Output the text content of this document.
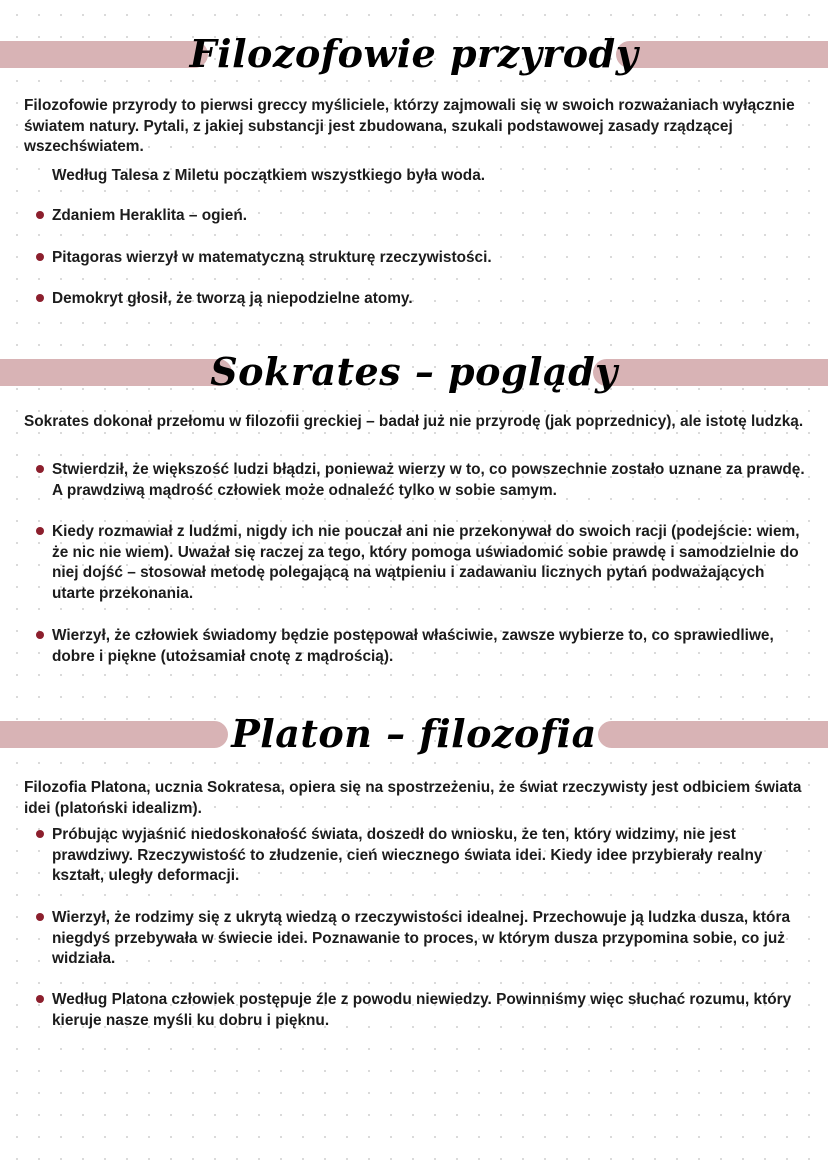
Filozofowie przyrody

Filozofowie przyrody to pierwsi greccy myśliciele, którzy zajmowali się w swoich rozważaniach wyłącznie światem natury. Pytali, z jakiej substancji jest zbudowana, szukali podstawowej zasady rządzącej wszechświatem.

Według Talesa z Miletu początkiem wszystkiego była woda.
Zdaniem Heraklita – ogień.
Pitagoras wierzył w matematyczną strukturę rzeczywistości.
Demokryt głosił, że tworzą ją niepodzielne atomy.
Sokrates – poglądy

Sokrates dokonał przełomu w filozofii greckiej – badał już nie przyrodę (jak poprzednicy), ale istotę ludzką.

Stwierdził, że większość ludzi błądzi, ponieważ wierzy w to, co powszechnie zostało uznane za prawdę. A prawdziwą mądrość człowiek może odnaleźć tylko w sobie samym.
Kiedy rozmawiał z ludźmi, nigdy ich nie pouczał ani nie przekonywał do swoich racji (podejście: wiem, że nic nie wiem). Uważał się raczej za tego, który pomoga uświadomić sobie prawdę i samodzielnie do niej dojść – stosował metodę polegającą na wątpieniu i zadawaniu licznych pytań podważających utarte przekonania.
Wierzył, że człowiek świadomy będzie postępował właściwie, zawsze wybierze to, co sprawiedliwe, dobre i piękne (utożsamiał cnotę z mądrością).
Platon – filozofia

Filozofia Platona, ucznia Sokratesa, opiera się na spostrzeżeniu, że świat rzeczywisty jest odbiciem świata idei (platoński idealizm).

Próbując wyjaśnić niedoskonałość świata, doszedł do wniosku, że ten, który widzimy, nie jest prawdziwy. Rzeczywistość to złudzenie, cień wiecznego świata idei. Kiedy idee przybierały realny kształt, uległy deformacji.
Wierzył, że rodzimy się z ukrytą wiedzą o rzeczywistości idealnej. Przechowuje ją ludzka dusza, która niegdyś przebywała w świecie idei. Poznawanie to proces, w którym dusza przypomina sobie, co już widziała.
Według Platona człowiek postępuje źle z powodu niewiedzy. Powinniśmy więc słuchać rozumu, który kieruje nasze myśli ku dobru i pięknu.
